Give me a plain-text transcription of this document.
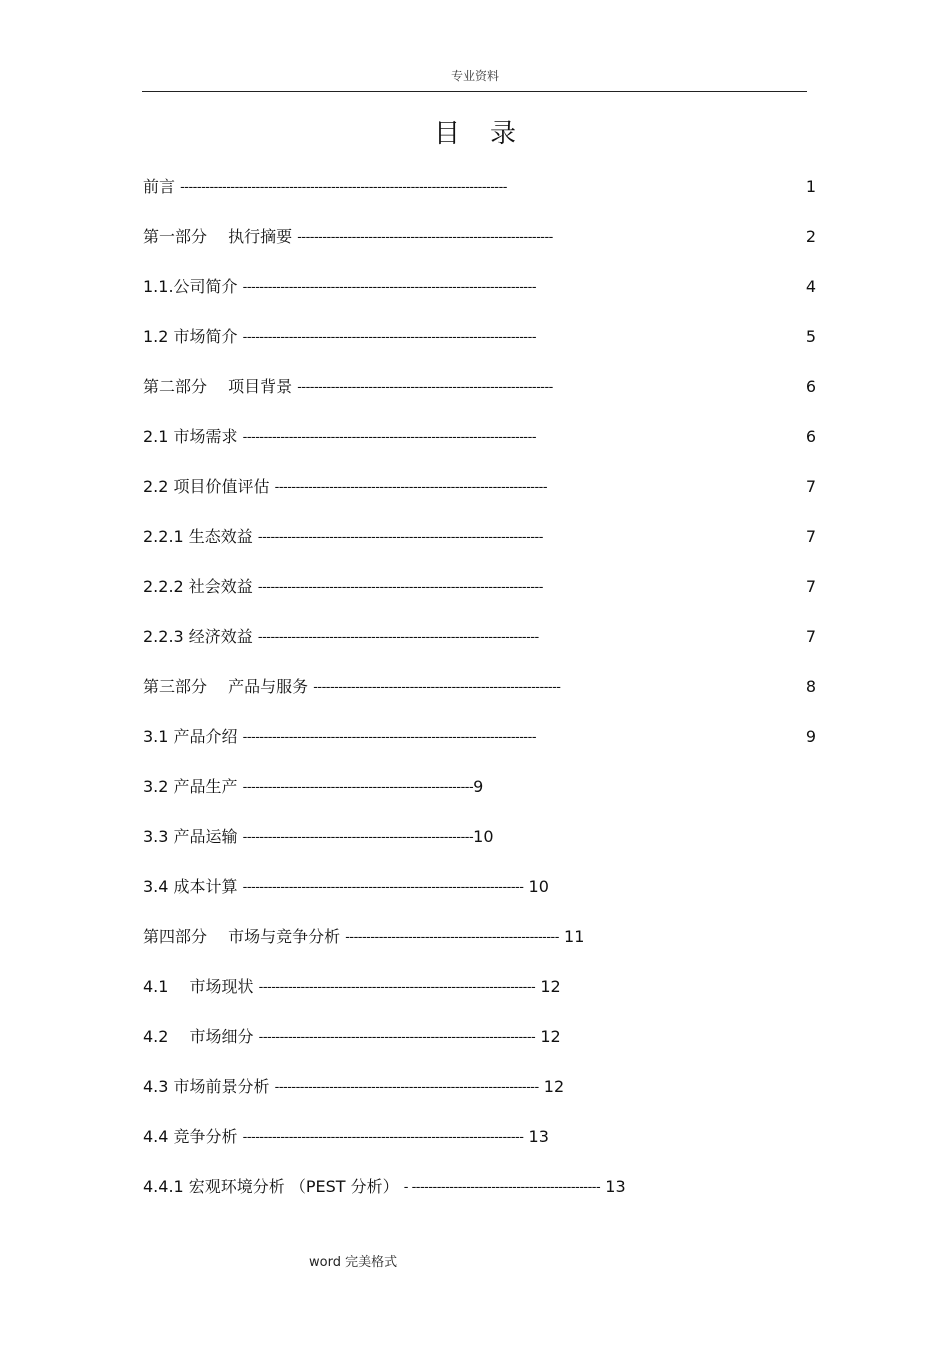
专业资料
目录
前言 ------------------------------------------------------------------------------	1
第一部分　 执行摘要 -------------------------------------------------------------	2
1.1.公司简介 ----------------------------------------------------------------------	4
1.2 市场简介 ----------------------------------------------------------------------	5
第二部分　 项目背景 -------------------------------------------------------------	6
2.1 市场需求 ----------------------------------------------------------------------	6
2.2 项目价值评估 -----------------------------------------------------------------	7
2.2.1 生态效益 --------------------------------------------------------------------	7
2.2.2 社会效益 --------------------------------------------------------------------	7
2.2.3 经济效益 -------------------------------------------------------------------	7
第三部分　 产品与服务 -----------------------------------------------------------	8
3.1 产品介绍 ----------------------------------------------------------------------	9
3.2 产品生产 -------------------------------------------------------9
3.3 产品运输 -------------------------------------------------------10
3.4 成本计算 ------------------------------------------------------------------- 10
第四部分　 市场与竞争分析 --------------------------------------------------- 11
4.1　 市场现状 ------------------------------------------------------------------ 12
4.2　 市场细分 ------------------------------------------------------------------ 12
4.3 市场前景分析 --------------------------------------------------------------- 12
4.4 竞争分析 ------------------------------------------------------------------- 13
4.4.1 宏观环境分析 （PEST 分析） - --------------------------------------------- 13
word 完美格式
